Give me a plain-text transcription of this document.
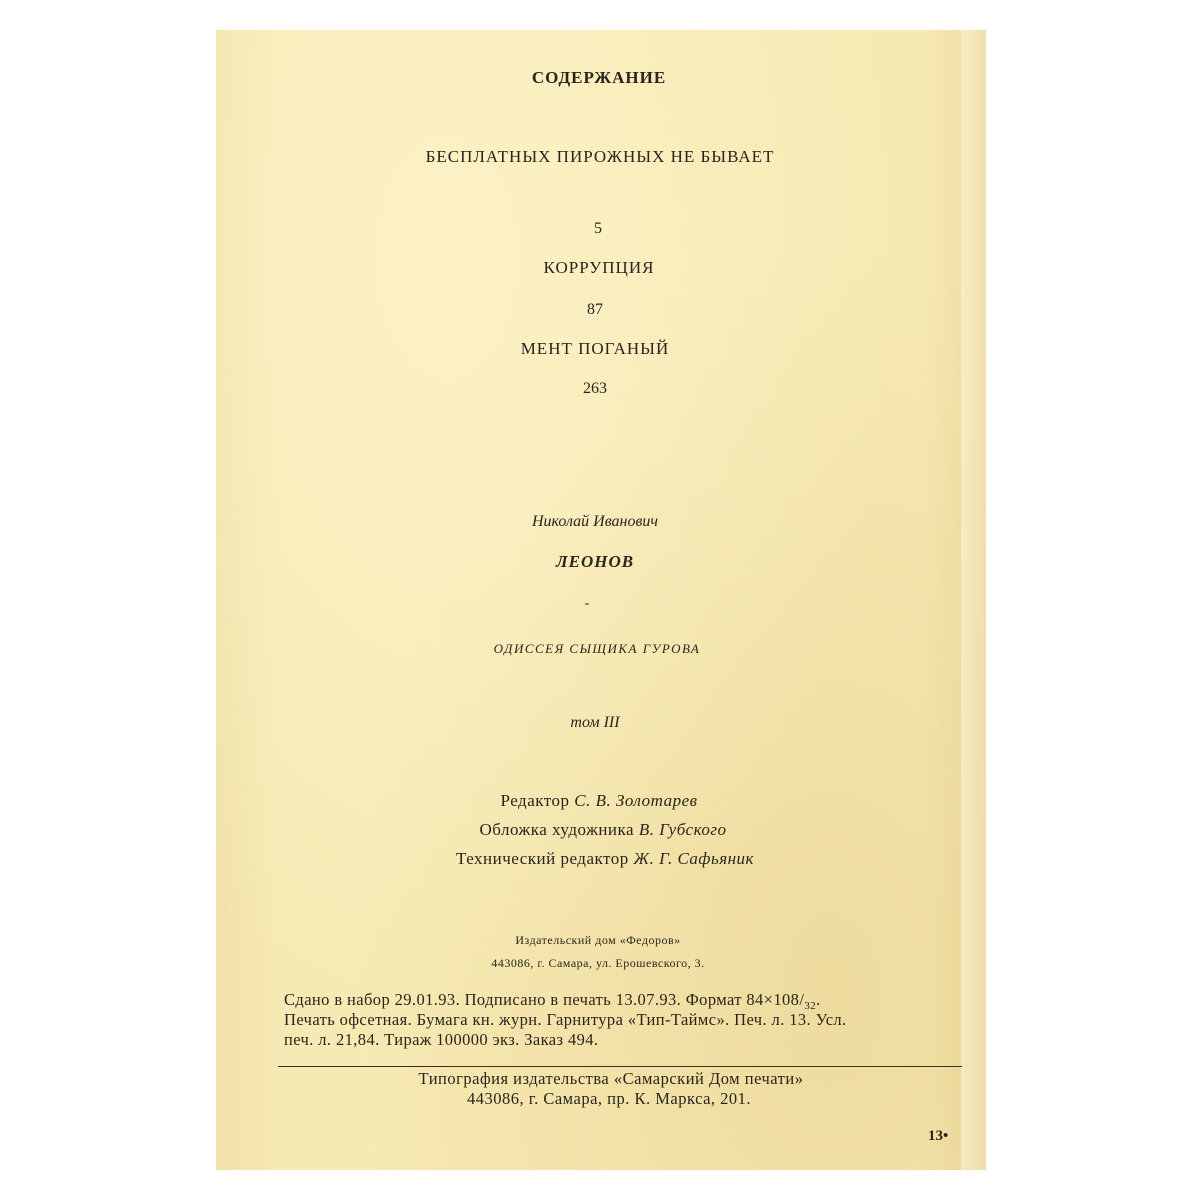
СОДЕРЖАНИЕ
БЕСПЛАТНЫХ ПИРОЖНЫХ НЕ БЫВАЕТ
5
КОРРУПЦИЯ
87
МЕНТ ПОГАНЫЙ
263
Николай Иванович
ЛЕОНОВ
-
ОДИССЕЯ СЫЩИКА ГУРОВА
том III
Редактор С. В. Золотарев
Обложка художника В. Губского
Технический редактор Ж. Г. Сафьяник
Издательский дом «Федоров»
443086, г. Самара, ул. Ерошевского, 3.
Сдано в набор 29.01.93. Подписано в печать 13.07.93. Формат $84\times 108/_{32}$.
Печать офсетная. Бумага кн. журн. Гарнитура «Тип-Таймс». Печ. л. 13. Усл.
печ. л. 21,84. Тираж 100000 экз. Заказ 494.
Типография издательства «Самарский Дом печати»
443086, г. Самара, пр. К. Маркса, 201.
13•
